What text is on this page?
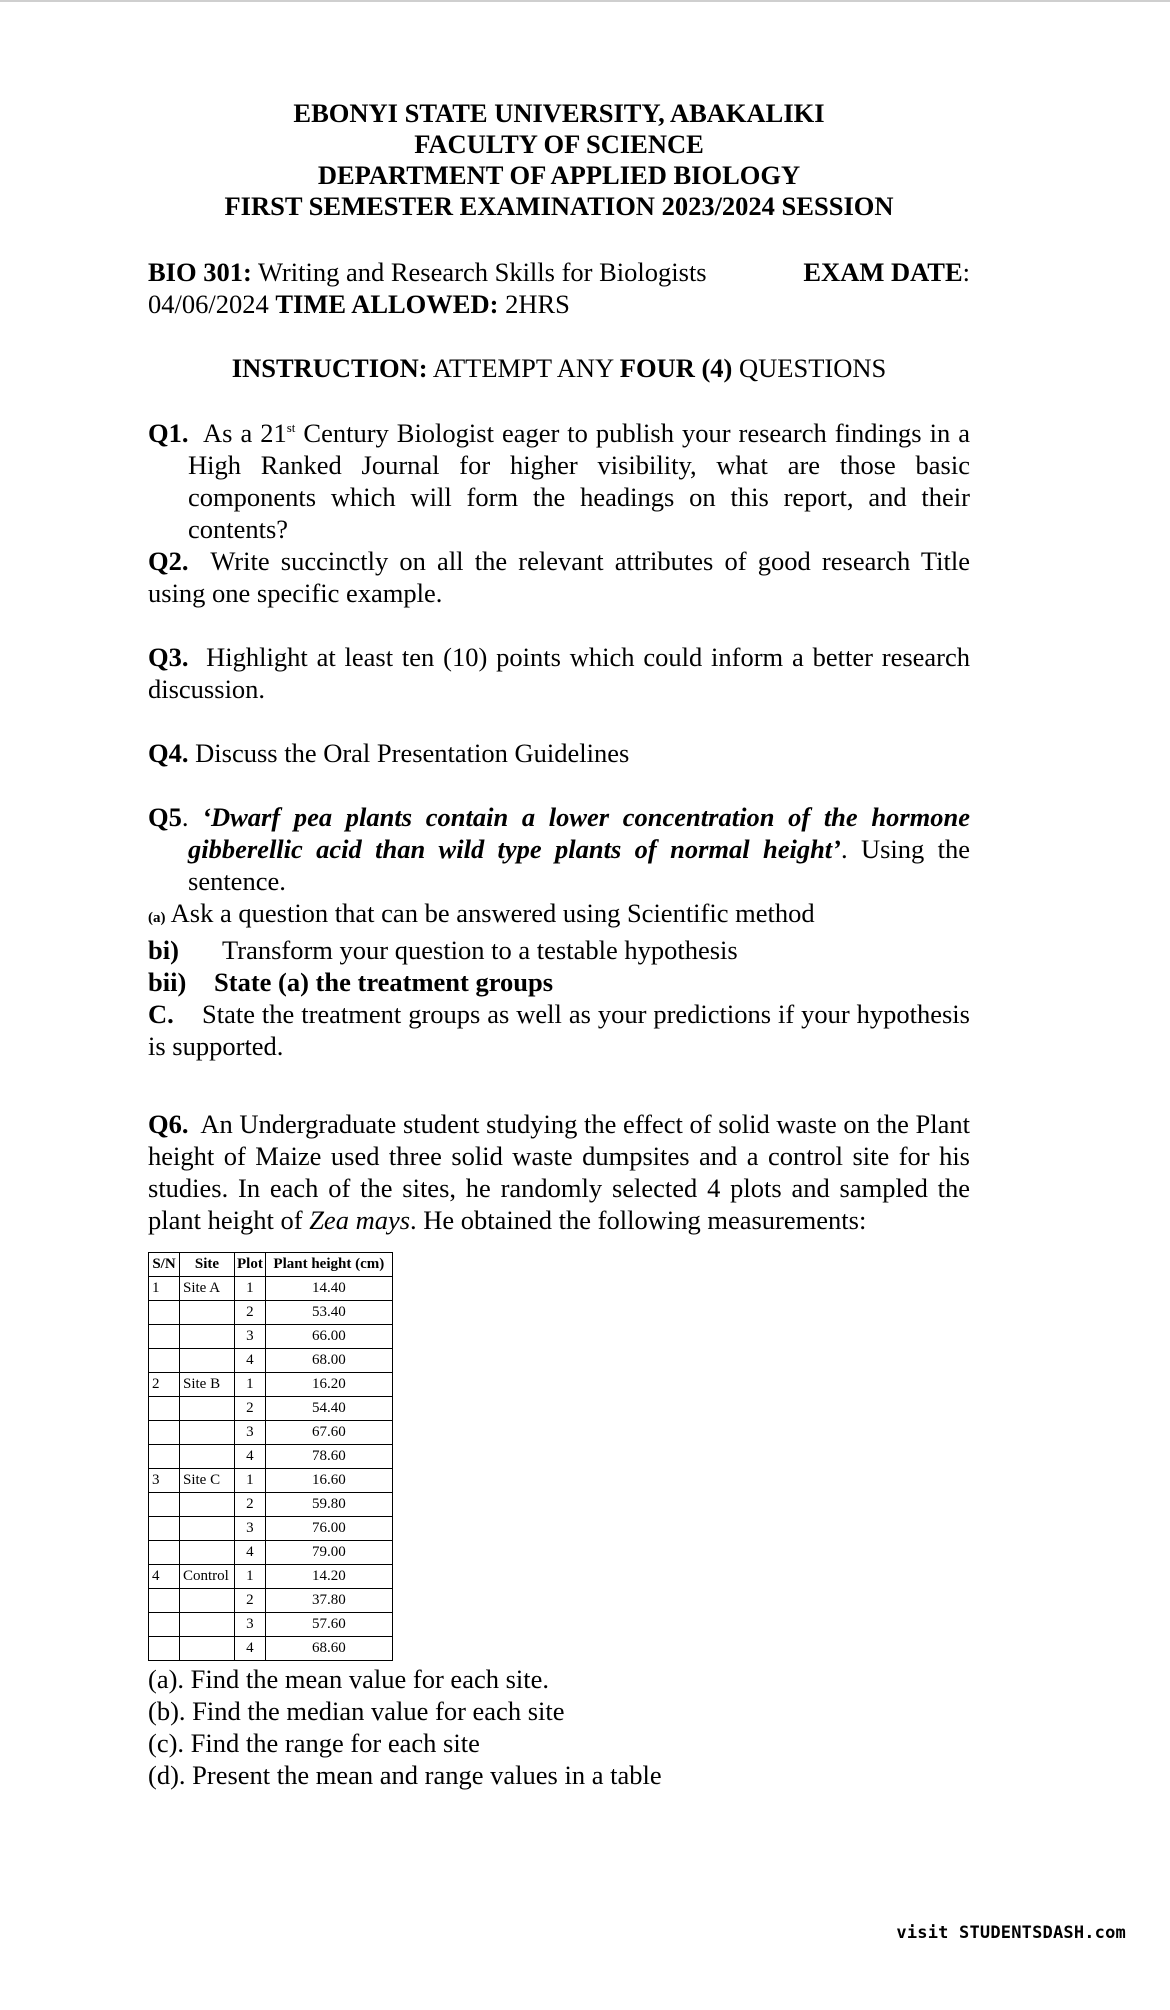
EBONYI STATE UNIVERSITY, ABAKALIKI
FACULTY OF SCIENCE
DEPARTMENT OF APPLIED BIOLOGY
FIRST SEMESTER EXAMINATION 2023/2024 SESSION
BIO 301: Writing and Research Skills for Biologists	EXAM DATE:
04/06/2024 TIME ALLOWED: 2HRS
INSTRUCTION: ATTEMPT ANY FOUR (4) QUESTIONS
Q1. As a 21st Century Biologist eager to publish your research findings in a High Ranked Journal for higher visibility, what are those basic components which will form the headings on this report, and their contents?
Q2. Write succinctly on all the relevant attributes of good research Title using one specific example.
Q3. Highlight at least ten (10) points which could inform a better research discussion.
Q4. Discuss the Oral Presentation Guidelines
Q5. ‘Dwarf pea plants contain a lower concentration of the hormone gibberellic acid than wild type plants of normal height’. Using the sentence.
(a) Ask a question that can be answered using Scientific method
bi) Transform your question to a testable hypothesis
bii) State (a) the treatment groups
C. State the treatment groups as well as your predictions if your hypothesis is supported.
Q6. An Undergraduate student studying the effect of solid waste on the Plant height of Maize used three solid waste dumpsites and a control site for his studies. In each of the sites, he randomly selected 4 plots and sampled the plant height of Zea mays. He obtained the following measurements:
S/N	Site	Plot	Plant height (cm)
1	Site A	1	14.40
		2	53.40
		3	66.00
		4	68.00
2	Site B	1	16.20
		2	54.40
		3	67.60
		4	78.60
3	Site C	1	16.60
		2	59.80
		3	76.00
		4	79.00
4	Control	1	14.20
		2	37.80
		3	57.60
		4	68.60
(a). Find the mean value for each site.
(b). Find the median value for each site
(c). Find the range for each site
(d). Present the mean and range values in a table
visit STUDENTSDASH.com
